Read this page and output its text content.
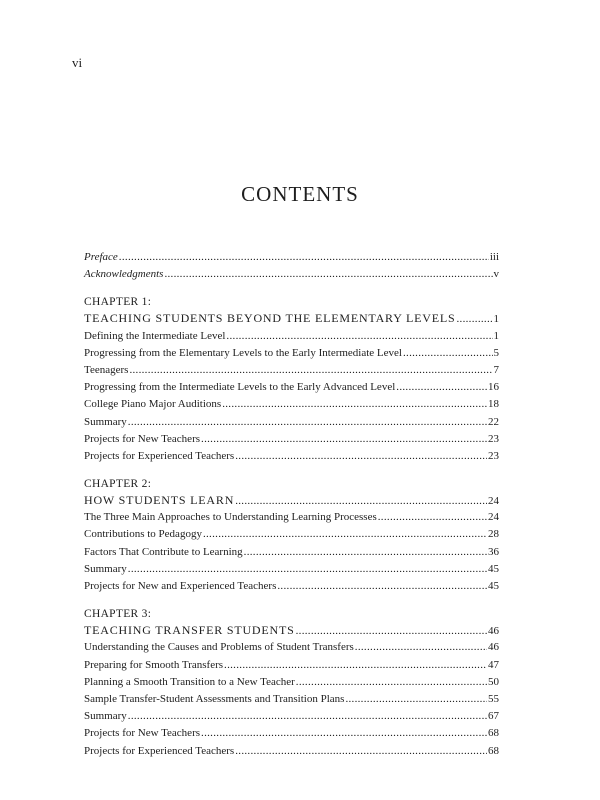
vi
CONTENTS
Preface .....	iii
Acknowledgments .....	v
CHAPTER 1:
TEACHING STUDENTS BEYOND THE ELEMENTARY LEVELS .....	1
Defining the Intermediate Level .....	1
Progressing from the Elementary Levels to the Early Intermediate Level .....	5
Teenagers .....	7
Progressing from the Intermediate Levels to the Early Advanced Level .....	16
College Piano Major Auditions .....	18
Summary .....	22
Projects for New Teachers .....	23
Projects for Experienced Teachers .....	23
CHAPTER 2:
HOW STUDENTS LEARN .....	24
The Three Main Approaches to Understanding Learning Processes .....	24
Contributions to Pedagogy .....	28
Factors That Contribute to Learning .....	36
Summary .....	45
Projects for New and Experienced Teachers .....	45
CHAPTER 3:
TEACHING TRANSFER STUDENTS .....	46
Understanding the Causes and Problems of Student Transfers .....	46
Preparing for Smooth Transfers .....	47
Planning a Smooth Transition to a New Teacher .....	50
Sample Transfer-Student Assessments and Transition Plans .....	55
Summary .....	67
Projects for New Teachers .....	68
Projects for Experienced Teachers .....	68
